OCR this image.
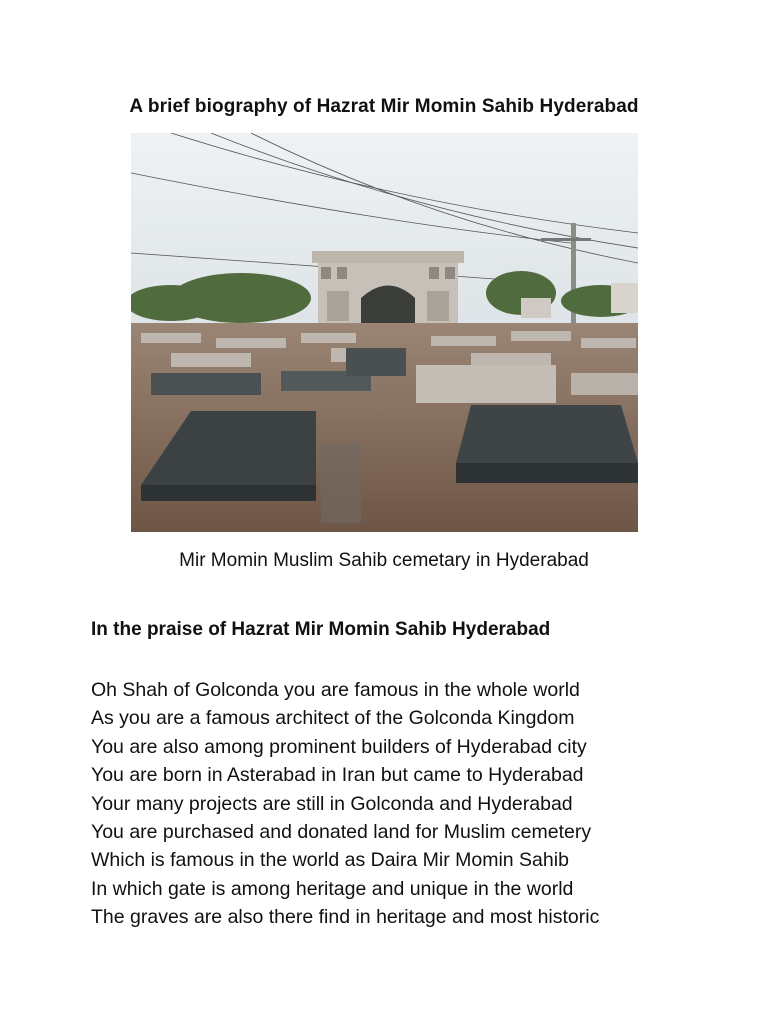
A brief biography of Hazrat Mir Momin Sahib Hyderabad
Mir Momin Muslim Sahib cemetary in Hyderabad
In the praise of Hazrat Mir Momin Sahib Hyderabad
Oh Shah of Golconda you are famous in the whole world
As you are a famous architect of the Golconda Kingdom
You are also among prominent builders of Hyderabad city
You are born in Asterabad in Iran but came to Hyderabad
Your many projects are still in Golconda and Hyderabad
You are purchased and donated land for Muslim cemetery
Which is famous in the world as Daira Mir Momin Sahib
In which gate is among heritage and unique in the world
The graves are also there find in heritage and most historic
